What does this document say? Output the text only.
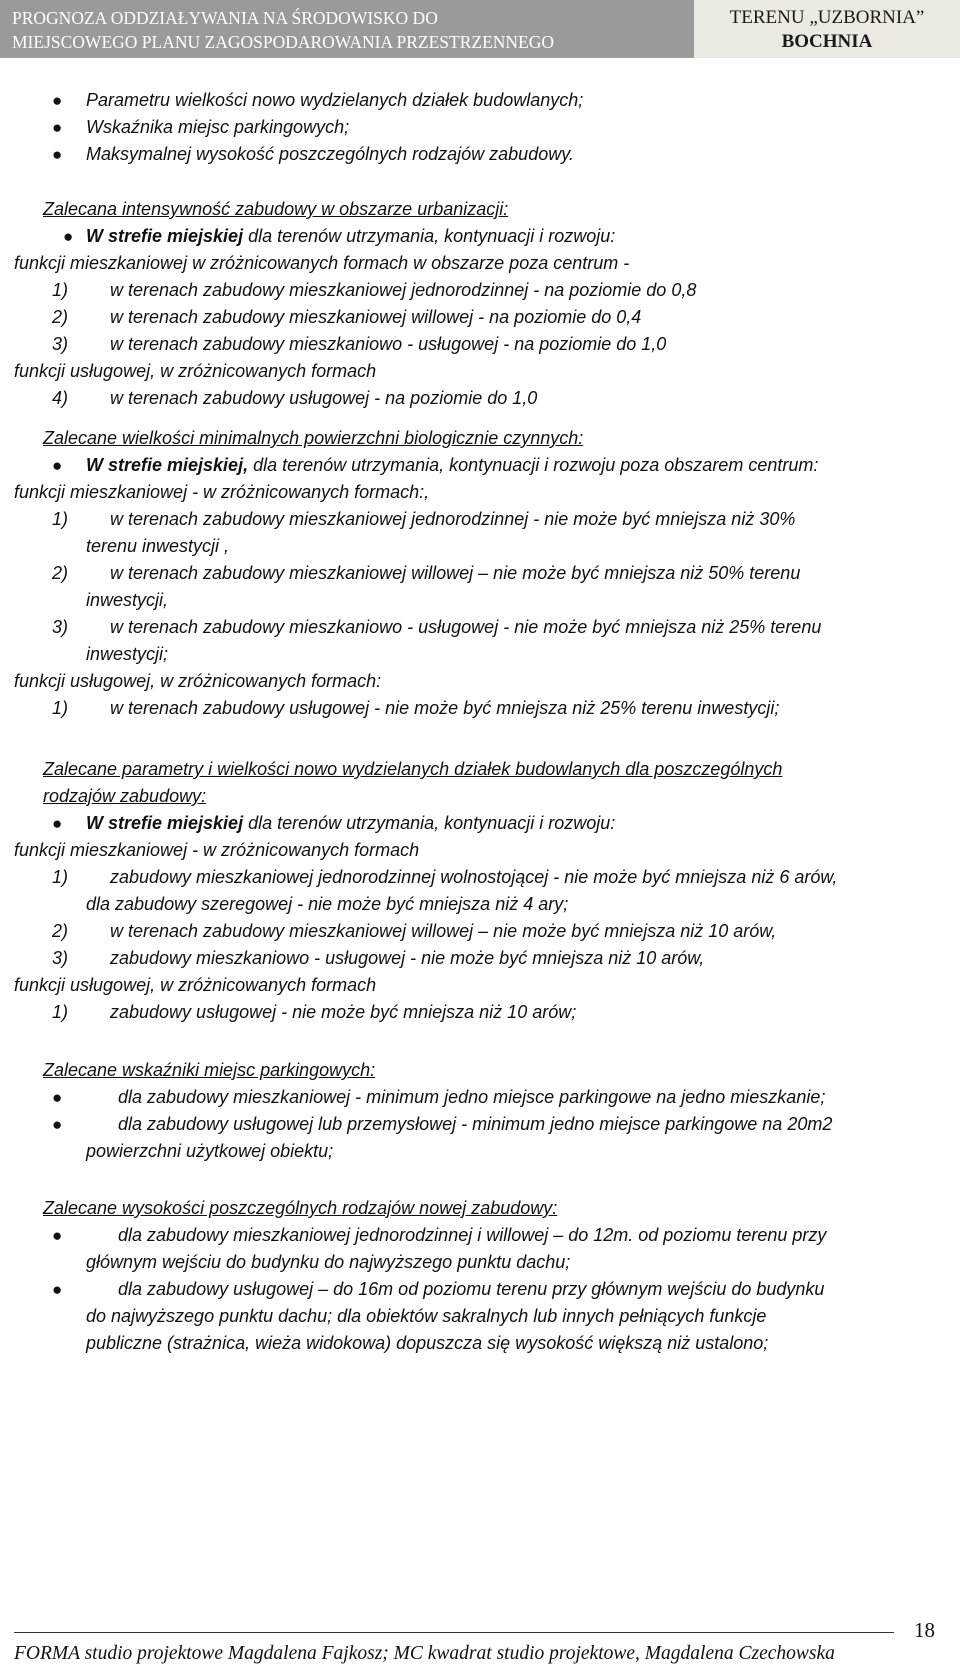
PROGNOZA ODDZIAŁYWANIA NA ŚRODOWISKO DO
MIEJSCOWEGO PLANU ZAGOSPODAROWANIA PRZESTRZENNEGO
TERENU „UZBORNIA”
BOCHNIA
● Parametru wielkości nowo wydzielanych działek budowlanych;
● Wskaźnika miejsc parkingowych;
● Maksymalnej wysokość poszczególnych rodzajów zabudowy.
Zalecana intensywność zabudowy w obszarze urbanizacji:
● W strefie miejskiej dla terenów utrzymania, kontynuacji i rozwoju:
funkcji mieszkaniowej w zróżnicowanych formach w obszarze poza centrum -
1) w terenach zabudowy mieszkaniowej jednorodzinnej - na poziomie do 0,8
2) w terenach zabudowy mieszkaniowej willowej - na poziomie do 0,4
3) w terenach zabudowy mieszkaniowo - usługowej - na poziomie do 1,0
funkcji usługowej, w zróżnicowanych formach
4) w terenach zabudowy usługowej - na poziomie do 1,0
Zalecane wielkości minimalnych powierzchni biologicznie czynnych:
● W strefie miejskiej, dla terenów utrzymania, kontynuacji i rozwoju poza obszarem centrum:
funkcji mieszkaniowej - w zróżnicowanych formach:,
1) w terenach zabudowy mieszkaniowej jednorodzinnej - nie może być mniejsza niż 30%
terenu inwestycji ,
2) w terenach zabudowy mieszkaniowej willowej – nie może być mniejsza niż 50% terenu
inwestycji,
3) w terenach zabudowy mieszkaniowo - usługowej - nie może być mniejsza niż 25% terenu
inwestycji;
funkcji usługowej, w zróżnicowanych formach:
1) w terenach zabudowy usługowej - nie może być mniejsza niż 25% terenu inwestycji;
Zalecane parametry i wielkości nowo wydzielanych działek budowlanych dla poszczególnych
rodzajów zabudowy:
● W strefie miejskiej dla terenów utrzymania, kontynuacji i rozwoju:
funkcji mieszkaniowej - w zróżnicowanych formach
1) zabudowy mieszkaniowej jednorodzinnej wolnostojącej - nie może być mniejsza niż 6 arów,
dla zabudowy szeregowej - nie może być mniejsza niż 4 ary;
2) w terenach zabudowy mieszkaniowej willowej – nie może być mniejsza niż 10 arów,
3) zabudowy mieszkaniowo - usługowej - nie może być mniejsza niż 10 arów,
funkcji usługowej, w zróżnicowanych formach
1) zabudowy usługowej - nie może być mniejsza niż 10 arów;
Zalecane wskaźniki miejsc parkingowych:
●	dla zabudowy mieszkaniowej - minimum jedno miejsce parkingowe na jedno mieszkanie;
●	dla zabudowy usługowej lub przemysłowej - minimum jedno miejsce parkingowe na 20m2
powierzchni użytkowej obiektu;
Zalecane wysokości poszczególnych rodzajów nowej zabudowy:
●	dla zabudowy mieszkaniowej jednorodzinnej i willowej – do 12m. od poziomu terenu przy
głównym wejściu do budynku do najwyższego punktu dachu;
●	dla zabudowy usługowej – do 16m od poziomu terenu przy głównym wejściu do budynku
do najwyższego punktu dachu; dla obiektów sakralnych lub innych pełniących funkcje
publiczne (strażnica, wieża widokowa) dopuszcza się wysokość większą niż ustalono;
18
FORMA studio projektowe Magdalena Fajkosz; MC kwadrat studio projektowe, Magdalena Czechowska
